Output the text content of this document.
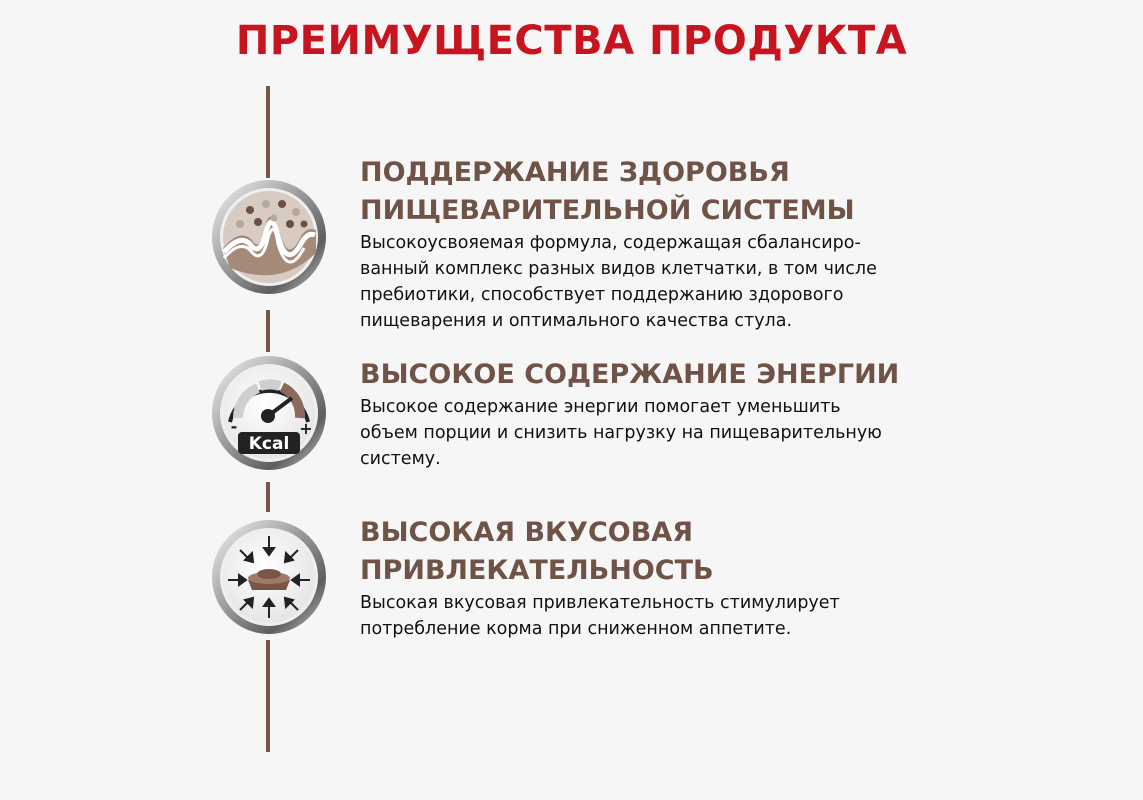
ПРЕИМУЩЕСТВА ПРОДУКТА
Kcal
-	+
ПОДДЕРЖАНИЕ ЗДОРОВЬЯ
ПИЩЕВАРИТЕЛЬНОЙ СИСТЕМЫ
Высокоусвояемая формула, содержащая сбалансиро-
ванный комплекс разных видов клетчатки, в том числе
пребиотики, способствует поддержанию здорового
пищеварения и оптимального качества стула.
ВЫСОКОЕ СОДЕРЖАНИЕ ЭНЕРГИИ
Высокое содержание энергии помогает уменьшить
объем порции и снизить нагрузку на пищеварительную
систему.
ВЫСОКАЯ ВКУСОВАЯ
ПРИВЛЕКАТЕЛЬНОСТЬ
Высокая вкусовая привлекательность стимулирует
потребление корма при сниженном аппетите.
